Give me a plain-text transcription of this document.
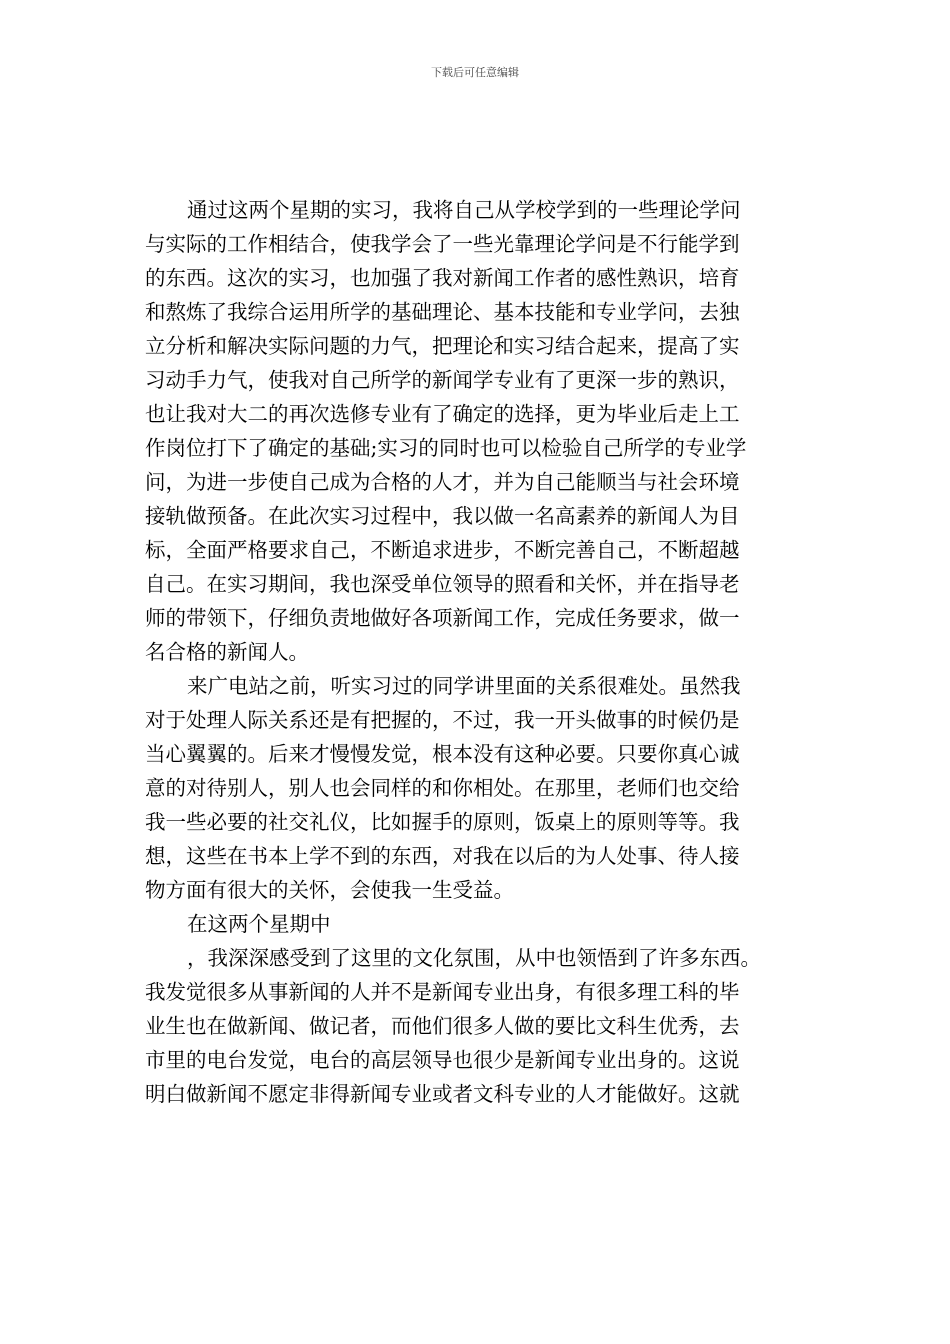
下载后可任意编辑
通过这两个星期的实习，我将自己从学校学到的一些理论学问
与实际的工作相结合，使我学会了一些光靠理论学问是不行能学到
的东西。这次的实习，也加强了我对新闻工作者的感性熟识，培育
和熬炼了我综合运用所学的基础理论、基本技能和专业学问，去独
立分析和解决实际问题的力气，把理论和实习结合起来，提高了实
习动手力气，使我对自己所学的新闻学专业有了更深一步的熟识，
也让我对大二的再次选修专业有了确定的选择，更为毕业后走上工
作岗位打下了确定的基础;实习的同时也可以检验自己所学的专业学
问，为进一步使自己成为合格的人才，并为自己能顺当与社会环境
接轨做预备。在此次实习过程中，我以做一名高素养的新闻人为目
标，全面严格要求自己，不断追求进步，不断完善自己，不断超越
自己。在实习期间，我也深受单位领导的照看和关怀，并在指导老
师的带领下，仔细负责地做好各项新闻工作，完成任务要求，做一
名合格的新闻人。
来广电站之前，听实习过的同学讲里面的关系很难处。虽然我
对于处理人际关系还是有把握的，不过，我一开头做事的时候仍是
当心翼翼的。后来才慢慢发觉，根本没有这种必要。只要你真心诚
意的对待别人，别人也会同样的和你相处。在那里，老师们也交给
我一些必要的社交礼仪，比如握手的原则，饭桌上的原则等等。我
想，这些在书本上学不到的东西，对我在以后的为人处事、待人接
物方面有很大的关怀，会使我一生受益。
在这两个星期中
，我深深感受到了这里的文化氛围，从中也领悟到了许多东西。
我发觉很多从事新闻的人并不是新闻专业出身，有很多理工科的毕
业生也在做新闻、做记者，而他们很多人做的要比文科生优秀，去
市里的电台发觉，电台的高层领导也很少是新闻专业出身的。这说
明白做新闻不愿定非得新闻专业或者文科专业的人才能做好。这就
